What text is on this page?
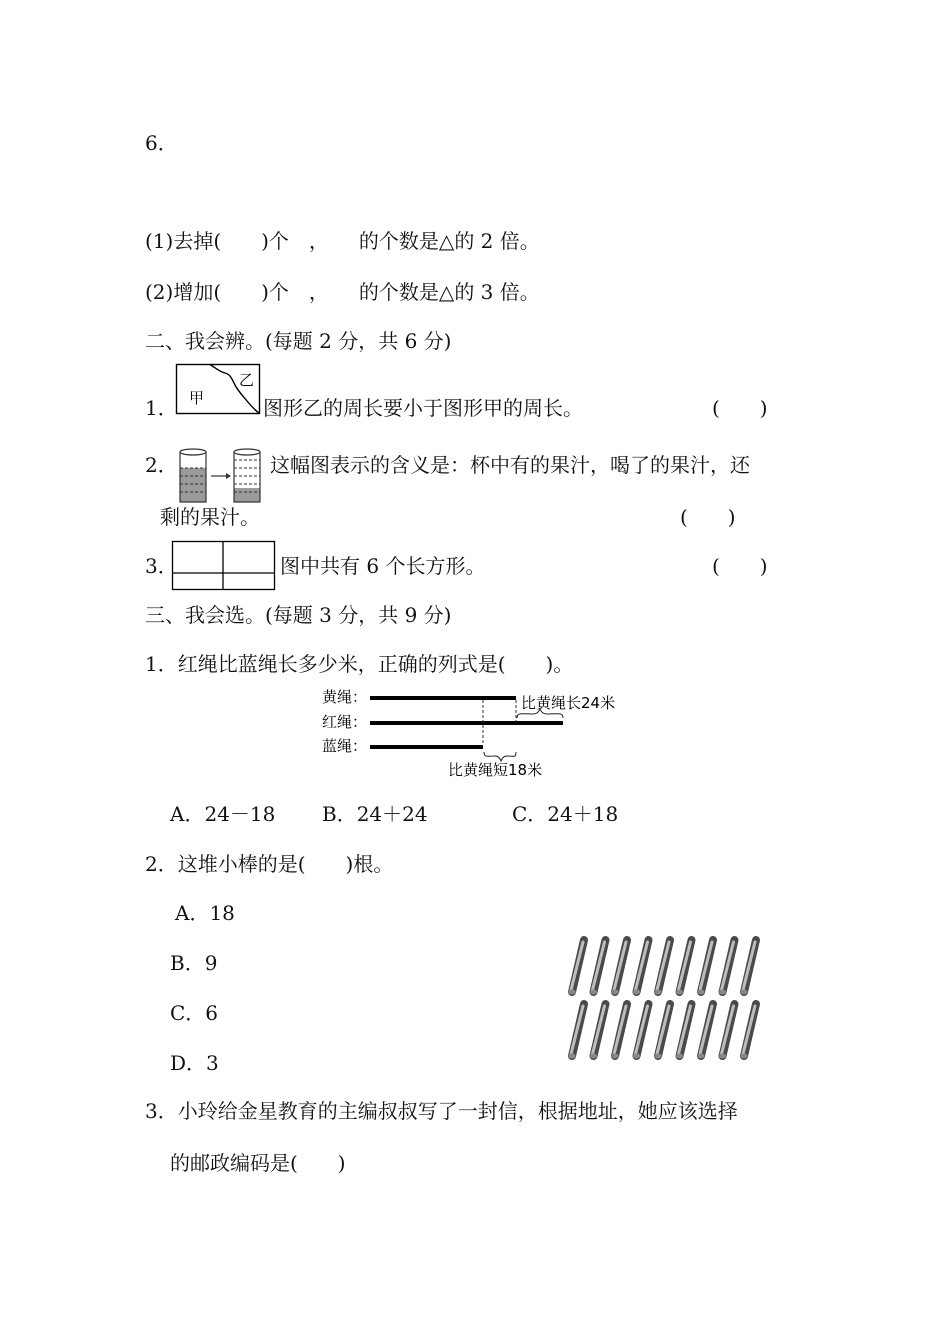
6．
(1)去掉(　　)个　，　　的个数是△的 2 倍。
(2)增加(　　)个　，　　的个数是△的 3 倍。
二、我会辨。(每题 2 分，共 6 分)
1． 甲
乙
图形乙的周长要小于图形甲的周长。	(　　)
2．	这幅图表示的含义是：杯中有的果汁，喝了的果汁，还
剩的果汁。	(　　)
3．	图中共有 6 个长方形。	(　　)
三、我会选。(每题 3 分，共 9 分)
1．红绳比蓝绳长多少米，正确的列式是(　　)。
黄绳：
红绳：
蓝绳：
比黄绳长24米
比黄绳短18米
A．24－18 B．24＋24	C．24＋18
2．这堆小棒的是(　　)根。
A．18
B．9
C．6
D．3
3．小玲给金星教育的主编叔叔写了一封信，根据地址，她应该选择
的邮政编码是(　　)
